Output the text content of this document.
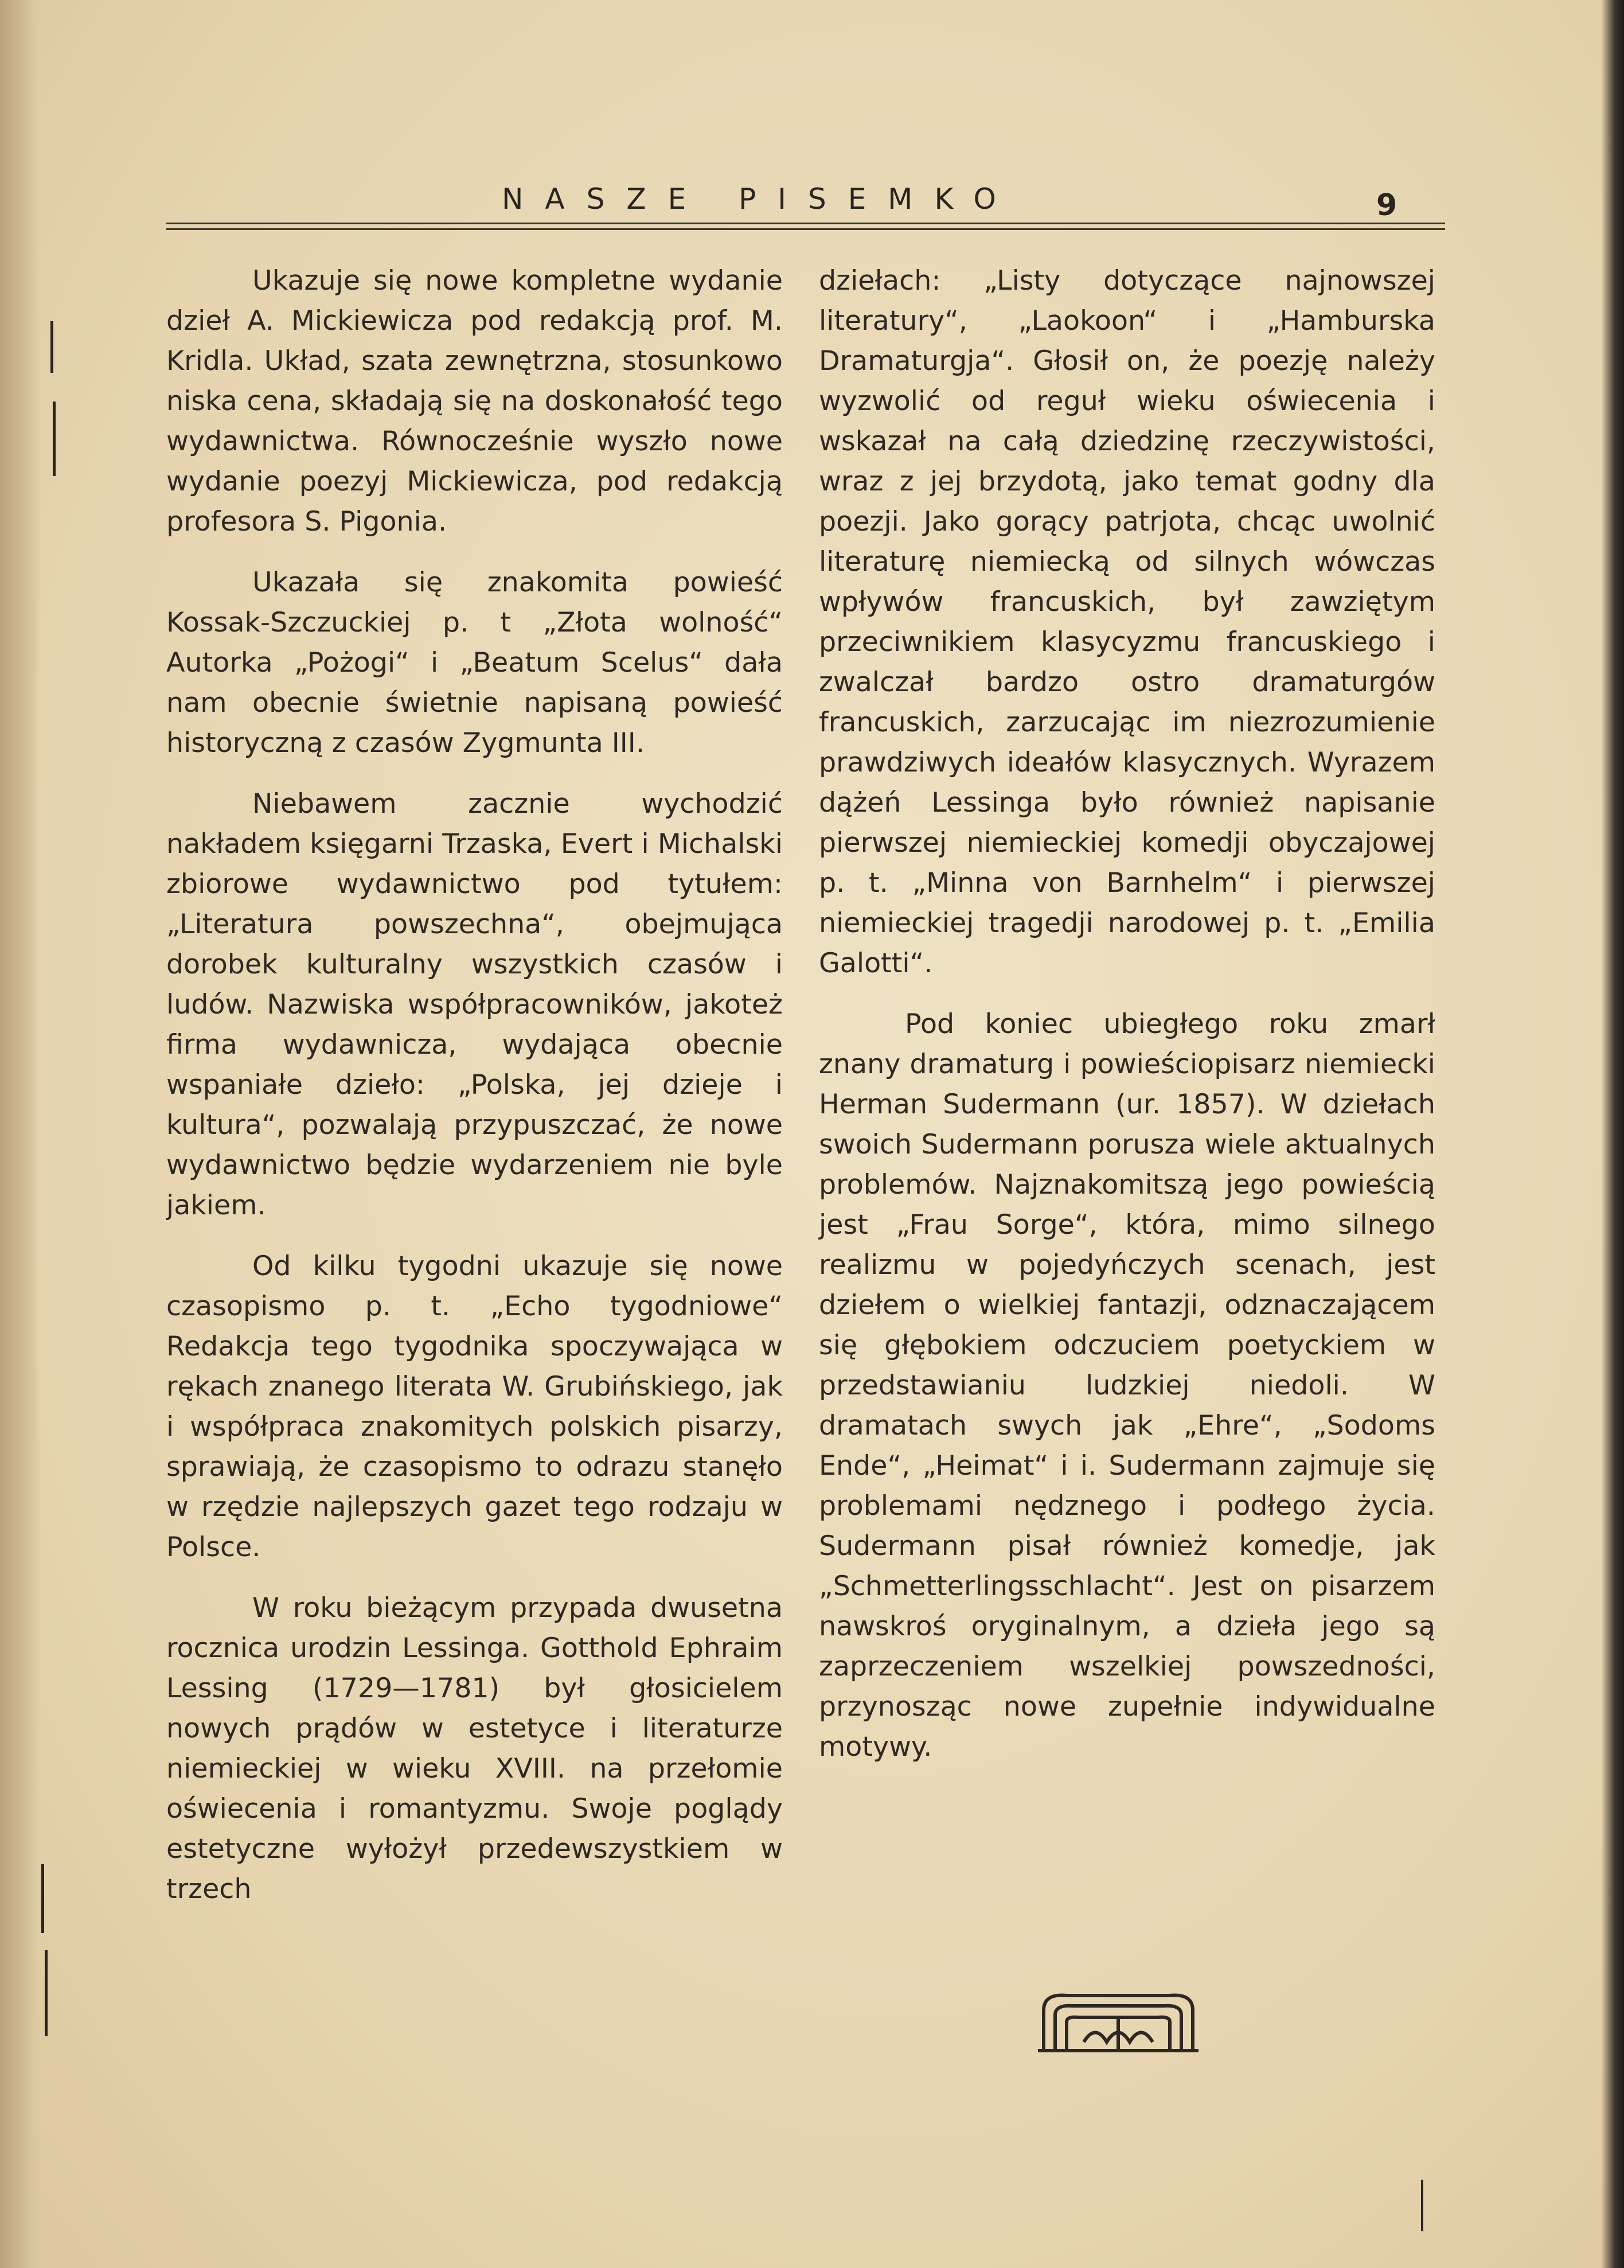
NASZE PISEMKO	9

Ukazuje się nowe kompletne wydanie dzieł A. Mickiewicza pod redakcją prof. M. Kridla. Układ, szata zewnętrzna, stosunkowo niska cena, składają się na doskonałość tego wydawnictwa. Równocześnie wyszło nowe wydanie poezyj Mickiewicza, pod redakcją profesora S. Pigonia.

Ukazała się znakomita powieść Kossak-Szczuckiej p. t „Złota wolność“ Autorka „Pożogi“ i „Beatum Scelus“ dała nam obecnie świetnie napisaną powieść historyczną z czasów Zygmunta III.

Niebawem zacznie wychodzić nakładem księgarni Trzaska, Evert i Michalski zbiorowe wydawnictwo pod tytułem: „Literatura powszechna“, obejmująca dorobek kulturalny wszystkich czasów i ludów. Nazwiska współpracowników, jakoteż firma wydawnicza, wydająca obecnie wspaniałe dzieło: „Polska, jej dzieje i kultura“, pozwalają przypuszczać, że nowe wydawnictwo będzie wydarzeniem nie byle jakiem.

Od kilku tygodni ukazuje się nowe czasopismo p. t. „Echo tygodniowe“ Redakcja tego tygodnika spoczywająca w rękach znanego literata W. Grubińskiego, jak i współpraca znakomitych polskich pisarzy, sprawiają, że czasopismo to odrazu stanęło w rzędzie najlepszych gazet tego rodzaju w Polsce.

W roku bieżącym przypada dwusetna rocznica urodzin Lessinga. Gotthold Ephraim Lessing (1729—1781) był głosicielem nowych prądów w estetyce i literaturze niemieckiej w wieku XVIII. na przełomie oświecenia i romantyzmu. Swoje poglądy estetyczne wyłożył przedewszystkiem w trzech

dziełach: „Listy dotyczące najnowszej literatury“, „Laokoon“ i „Hamburska Dramaturgja“. Głosił on, że poezję należy wyzwolić od reguł wieku oświecenia i wskazał na całą dziedzinę rzeczywistości, wraz z jej brzydotą, jako temat godny dla poezji. Jako gorący patrjota, chcąc uwolnić literaturę niemiecką od silnych wówczas wpływów francuskich, był zawziętym przeciwnikiem klasycyzmu francuskiego i zwalczał bardzo ostro dramaturgów francuskich, zarzucając im niezrozumienie prawdziwych ideałów klasycznych. Wyrazem dążeń Lessinga było również napisanie pierwszej niemieckiej komedji obyczajowej p. t. „Minna von Barnhelm“ i pierwszej niemieckiej tragedji narodowej p. t. „Emilia Galotti“.

Pod koniec ubiegłego roku zmarł znany dramaturg i powieściopisarz niemiecki Herman Sudermann (ur. 1857). W dziełach swoich Sudermann porusza wiele aktualnych problemów. Najznakomitszą jego powieścią jest „Frau Sorge“, która, mimo silnego realizmu w pojedyńczych scenach, jest dziełem o wielkiej fantazji, odznaczającem się głębokiem odczuciem poetyckiem w przedstawianiu ludzkiej niedoli. W dramatach swych jak „Ehre“, „Sodoms Ende“, „Heimat“ i i. Sudermann zajmuje się problemami nędznego i podłego życia. Sudermann pisał również komedje, jak „Schmetterlingsschlacht“. Jest on pisarzem nawskroś oryginalnym, a dzieła jego są zaprzeczeniem wszelkiej powszedności, przynosząc nowe zupełnie indywidualne motywy.
